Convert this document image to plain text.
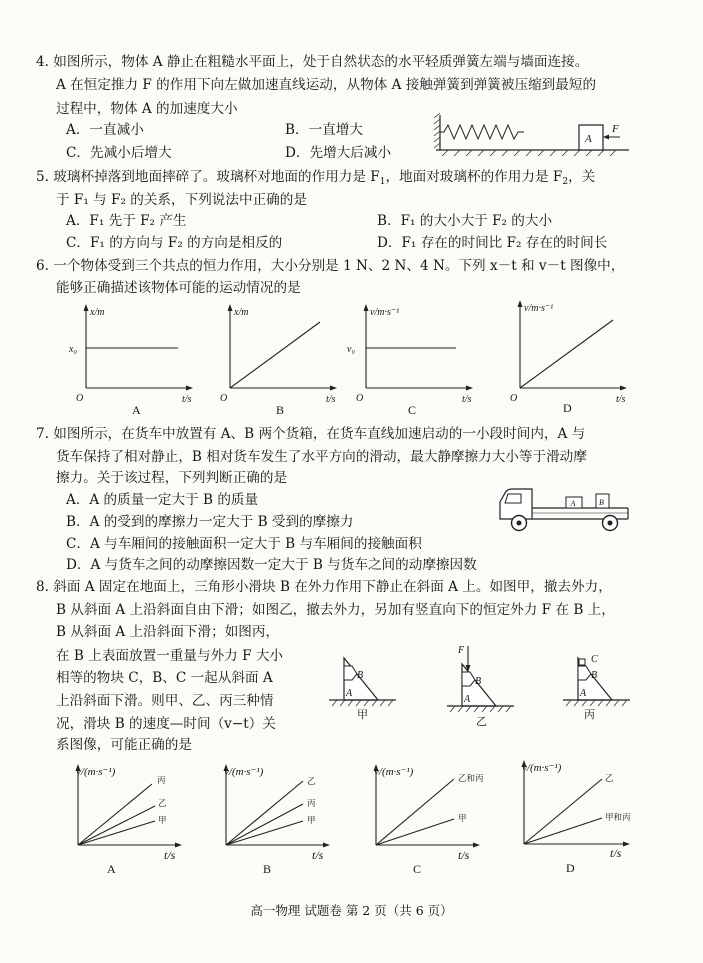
4. 如图所示，物体 A 静止在粗糙水平面上，处于自然状态的水平轻质弹簧左端与墙面连接。
A 在恒定推力 F 的作用下向左做加速直线运动，从物体 A 接触弹簧到弹簧被压缩到最短的
过程中，物体 A 的加速度大小
A．一直减小	B．一直增大
C．先减小后增大	D．先增大后减小
A
F
5. 玻璃杯掉落到地面摔碎了。玻璃杯对地面的作用力是 $F_1$，地面对玻璃杯的作用力是 $F_2$，关
于 F₁ 与 F₂ 的关系，下列说法中正确的是
A．F₁ 先于 F₂ 产生	B．F₁ 的大小大于 F₂ 的大小
C．F₁ 的方向与 F₂ 的方向是相反的	D．F₁ 存在的时间比 F₂ 存在的时间长
6. 一个物体受到三个共点的恒力作用，大小分别是 1 N、2 N、4 N。下列 x－t 和 v－t 图像中，
能够正确描述该物体可能的运动情况的是
x/m
x₀
O	t/s
A
x/m
O	t/s
B
v/m·s⁻¹
v₀
O	t/s
C
v/m·s⁻¹
O	t/s
D
7. 如图所示，在货车中放置有 A、B 两个货箱，在货车直线加速启动的一小段时间内，A 与
货车保持了相对静止，B 相对货车发生了水平方向的滑动，最大静摩擦力大小等于滑动摩
擦力。关于该过程，下列判断正确的是
A．A 的质量一定大于 B 的质量
B．A 的受到的摩擦力一定大于 B 受到的摩擦力
C．A 与车厢间的接触面积一定大于 B 与车厢间的接触面积
D．A 与货车之间的动摩擦因数一定大于 B 与货车之间的动摩擦因数
A	B
8. 斜面 A 固定在地面上，三角形小滑块 B 在外力作用下静止在斜面 A 上。如图甲，撤去外力，
B 从斜面 A 上沿斜面自由下滑；如图乙，撤去外力，另加有竖直向下的恒定外力 F 在 B 上，
B 从斜面 A 上沿斜面下滑；如图丙，
在 B 上表面放置一重量与外力 F 大小
相等的物块 C，B、C 一起从斜面 A
上沿斜面下滑。则甲、乙、丙三种情
况，滑块 B 的速度—时间（v−t）关
系图像，可能正确的是
B
A
甲
F
B
A
乙
C
B
A
丙
v/(m·s⁻¹)
丙
乙
甲
t/s
A
v/(m·s⁻¹)
乙
丙
甲
t/s
B
v/(m·s⁻¹)	乙和丙
甲
t/s
C
v/(m·s⁻¹)
乙
甲和丙
t/s
D
高一物理 试题卷 第 2 页（共 6 页）
